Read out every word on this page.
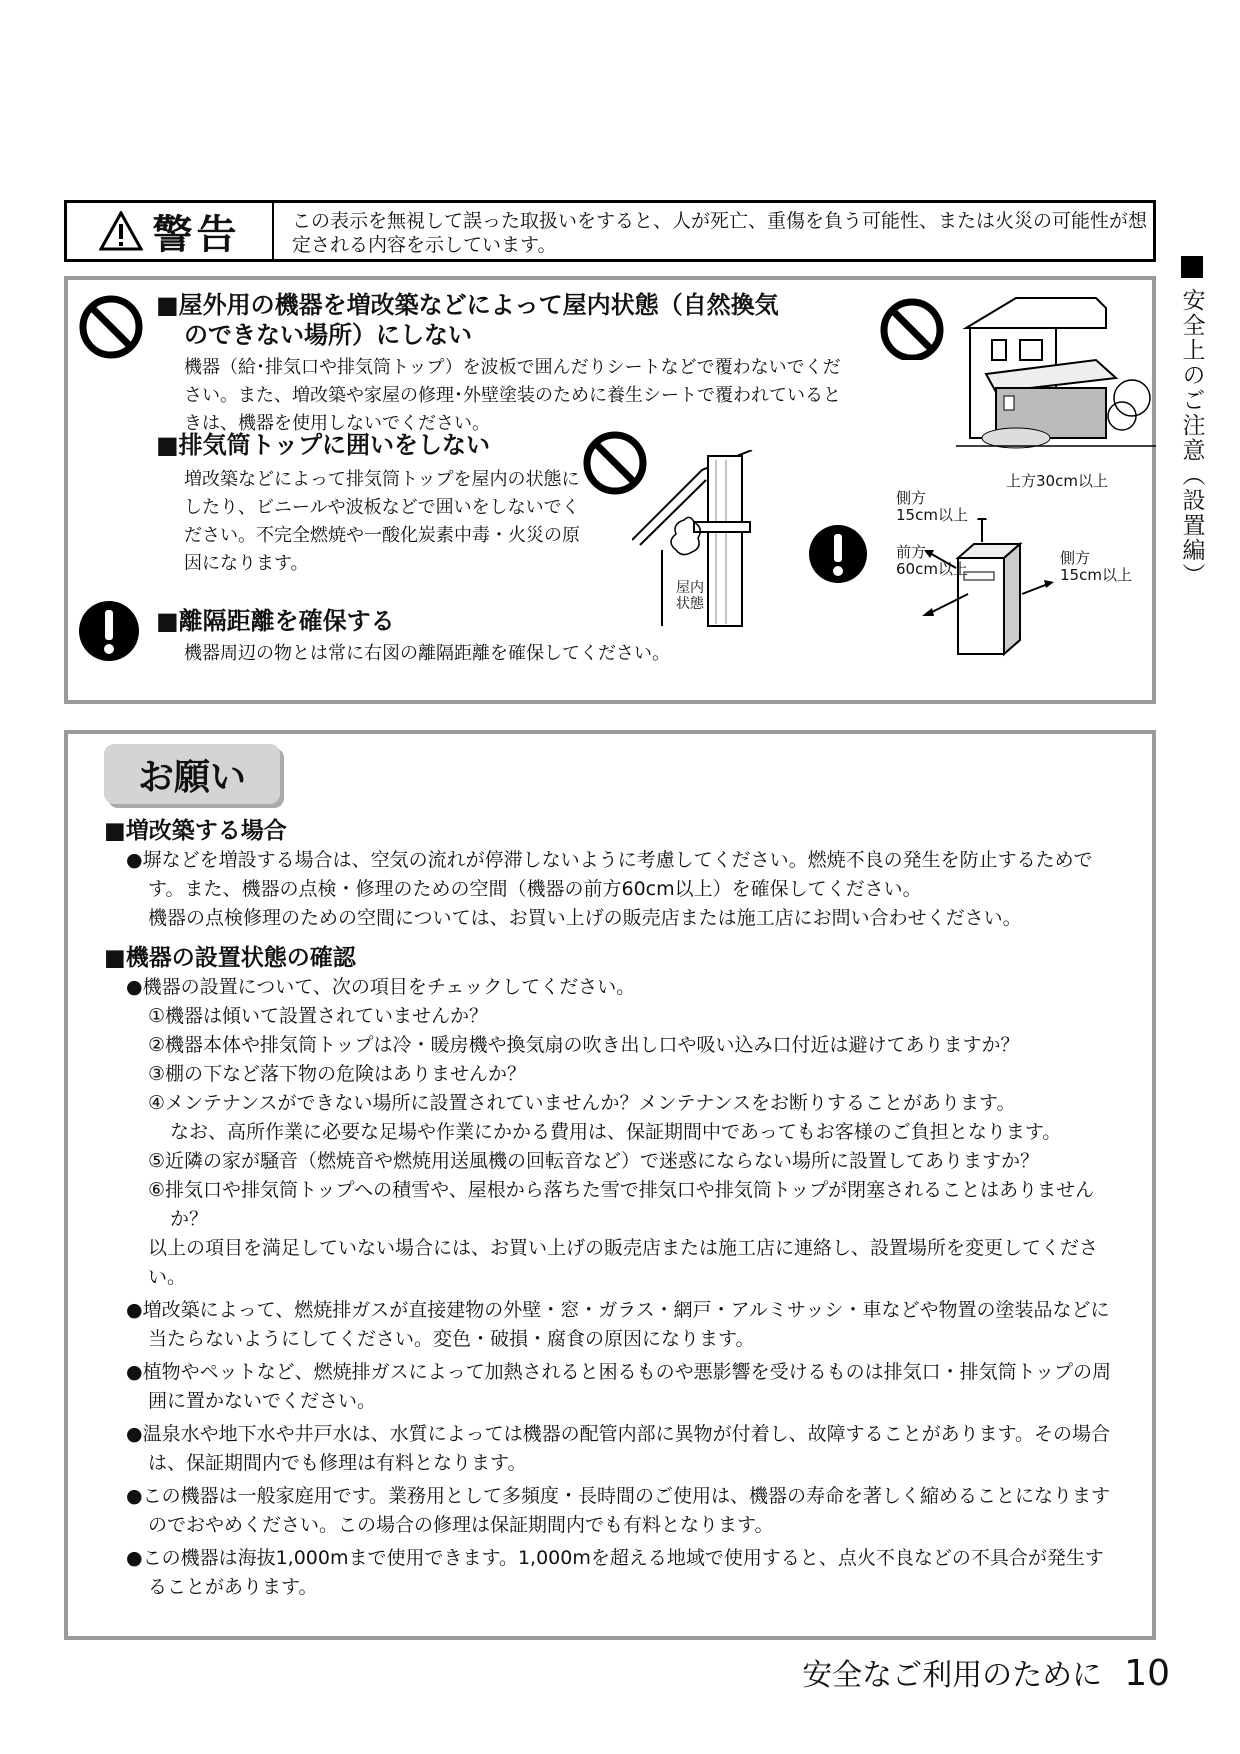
警告	この表示を無視して誤った取扱いをすると、人が死亡、重傷を負う可能性、または火災の可能性が想定される内容を示しています。
■屋外用の機器を増改築などによって屋内状態（自然換気
のできない場所）にしない
機器（給･排気口や排気筒トップ）を波板で囲んだりシートなどで覆わないでください。また、増改築や家屋の修理･外壁塗装のために養生シートで覆われているときは、機器を使用しないでください。
■排気筒トップに囲いをしない
増改築などによって排気筒トップを屋内の状態にしたり、ビニールや波板などで囲いをしないでください。不完全燃焼や一酸化炭素中毒・火災の原因になります。
屋内状態
上方30cm以上
側方
15cm以上
前方
60cm以上
側方
15cm以上
■離隔距離を確保する
機器周辺の物とは常に右図の離隔距離を確保してください。
お願い
■増改築する場合
●塀などを増設する場合は、空気の流れが停滞しないように考慮してください。燃焼不良の発生を防止するためです。また、機器の点検・修理のための空間（機器の前方60cm以上）を確保してください。
機器の点検修理のための空間については、お買い上げの販売店または施工店にお問い合わせください。
■機器の設置状態の確認
●機器の設置について、次の項目をチェックしてください。
①機器は傾いて設置されていませんか？
②機器本体や排気筒トップは冷・暖房機や換気扇の吹き出し口や吸い込み口付近は避けてありますか？
③棚の下など落下物の危険はありませんか？
④メンテナンスができない場所に設置されていませんか？メンテナンスをお断りすることがあります。
なお、高所作業に必要な足場や作業にかかる費用は、保証期間中であってもお客様のご負担となります。
⑤近隣の家が騒音（燃焼音や燃焼用送風機の回転音など）で迷惑にならない場所に設置してありますか？
⑥排気口や排気筒トップへの積雪や、屋根から落ちた雪で排気口や排気筒トップが閉塞されることはありませんか？
以上の項目を満足していない場合には、お買い上げの販売店または施工店に連絡し、設置場所を変更してください。
●増改築によって、燃焼排ガスが直接建物の外壁・窓・ガラス・網戸・アルミサッシ・車などや物置の塗装品などに当たらないようにしてください。変色・破損・腐食の原因になります。
●植物やペットなど、燃焼排ガスによって加熱されると困るものや悪影響を受けるものは排気口・排気筒トップの周囲に置かないでください。
●温泉水や地下水や井戸水は、水質によっては機器の配管内部に異物が付着し、故障することがあります。その場合は、保証期間内でも修理は有料となります。
●この機器は一般家庭用です。業務用として多頻度・長時間のご使用は、機器の寿命を著しく縮めることになりますのでおやめください。この場合の修理は保証期間内でも有料となります。
●この機器は海抜1,000mまで使用できます。1,000mを超える地域で使用すると、点火不良などの不具合が発生することがあります。
安全上のご注意（設置編）
安全なご利用のために 10
